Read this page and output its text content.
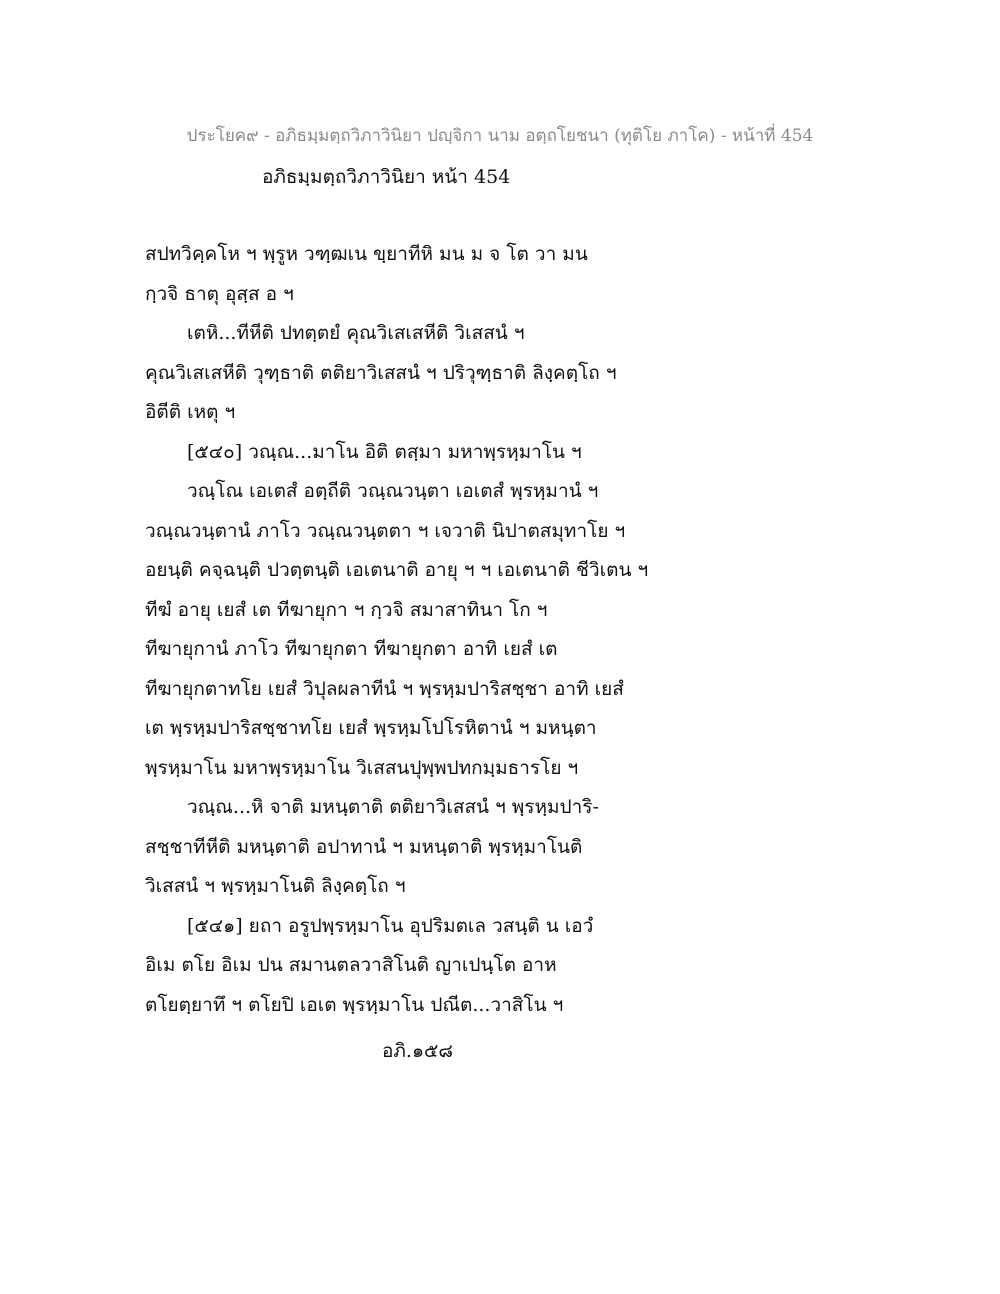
ประโยค๙ - อภิธมฺมตฺถวิภาวินิยา ปญฺจิกา นาม อตฺถโยชนา (ทุติโย ภาโค) - หน้าที่ 454
อภิธมฺมตฺถวิภาวินิยา หน้า 454
สปทวิคฺคโห ฯ พฺรูห วฑฺฒเน ขฺยาทีหิ มน ม จ โต วา มน
กฺวจิ ธาตุ อุสฺส อ ฯ
เตหิ...ทีหีติ ปทตฺตยํ คุณวิเสเสหีติ วิเสสนํ ฯ
คุณวิเสเสหีติ วุฑฺธาติ ตติยาวิเสสนํ ฯ ปริวุฑฺธาติ ลิงฺคตฺโถ ฯ
อิตีติ เหตุ ฯ
[๕๔๐] วณฺณ...มาโน อิติ ตสฺมา มหาพฺรหฺมาโน ฯ
วณฺโณ เอเตสํ อตฺถีติ วณฺณวนฺตา เอเตสํ พฺรหฺมานํ ฯ
วณฺณวนฺตานํ ภาโว วณฺณวนฺตตา ฯ เจวาติ นิปาตสมุทาโย ฯ
อยนฺติ คจฺฉนฺติ ปวตฺตนฺติ เอเตนาติ อายุ ฯ ฯ เอเตนาติ ชีวิเตน ฯ
ทีฆํ อายุ เยสํ เต ทีฆายุกา ฯ กฺวจิ สมาสาทินา โก ฯ
ทีฆายุกานํ ภาโว ทีฆายุกตา ทีฆายุกตา อาทิ เยสํ เต
ทีฆายุกตาทโย เยสํ วิปุลผลาทีนํ ฯ พฺรหฺมปาริสชฺชา อาทิ เยสํ
เต พฺรหฺมปาริสชฺชาทโย เยสํ พฺรหฺมโปโรหิตานํ ฯ มหนฺตา
พฺรหฺมาโน มหาพฺรหฺมาโน วิเสสนปุพฺพปทกมฺมธารโย ฯ
วณฺณ...หิ จาติ มหนฺตาติ ตติยาวิเสสนํ ฯ พฺรหฺมปาริ-
สชฺชาทีหีติ มหนฺตาติ อปาทานํ ฯ มหนฺตาติ พฺรหฺมาโนติ
วิเสสนํ ฯ พฺรหฺมาโนติ ลิงฺคตฺโถ ฯ
[๕๔๑] ยถา อรูปพฺรหฺมาโน อุปริมตเล วสนฺติ น เอวํ
อิเม ตโย อิเม ปน สมานตลวาสิโนติ ญาเปนฺโต อาห
ตโยตฺยาทึ ฯ ตโยปิ เอเต พฺรหฺมาโน ปณีต...วาสิโน ฯ
อภิ.๑๕๘
